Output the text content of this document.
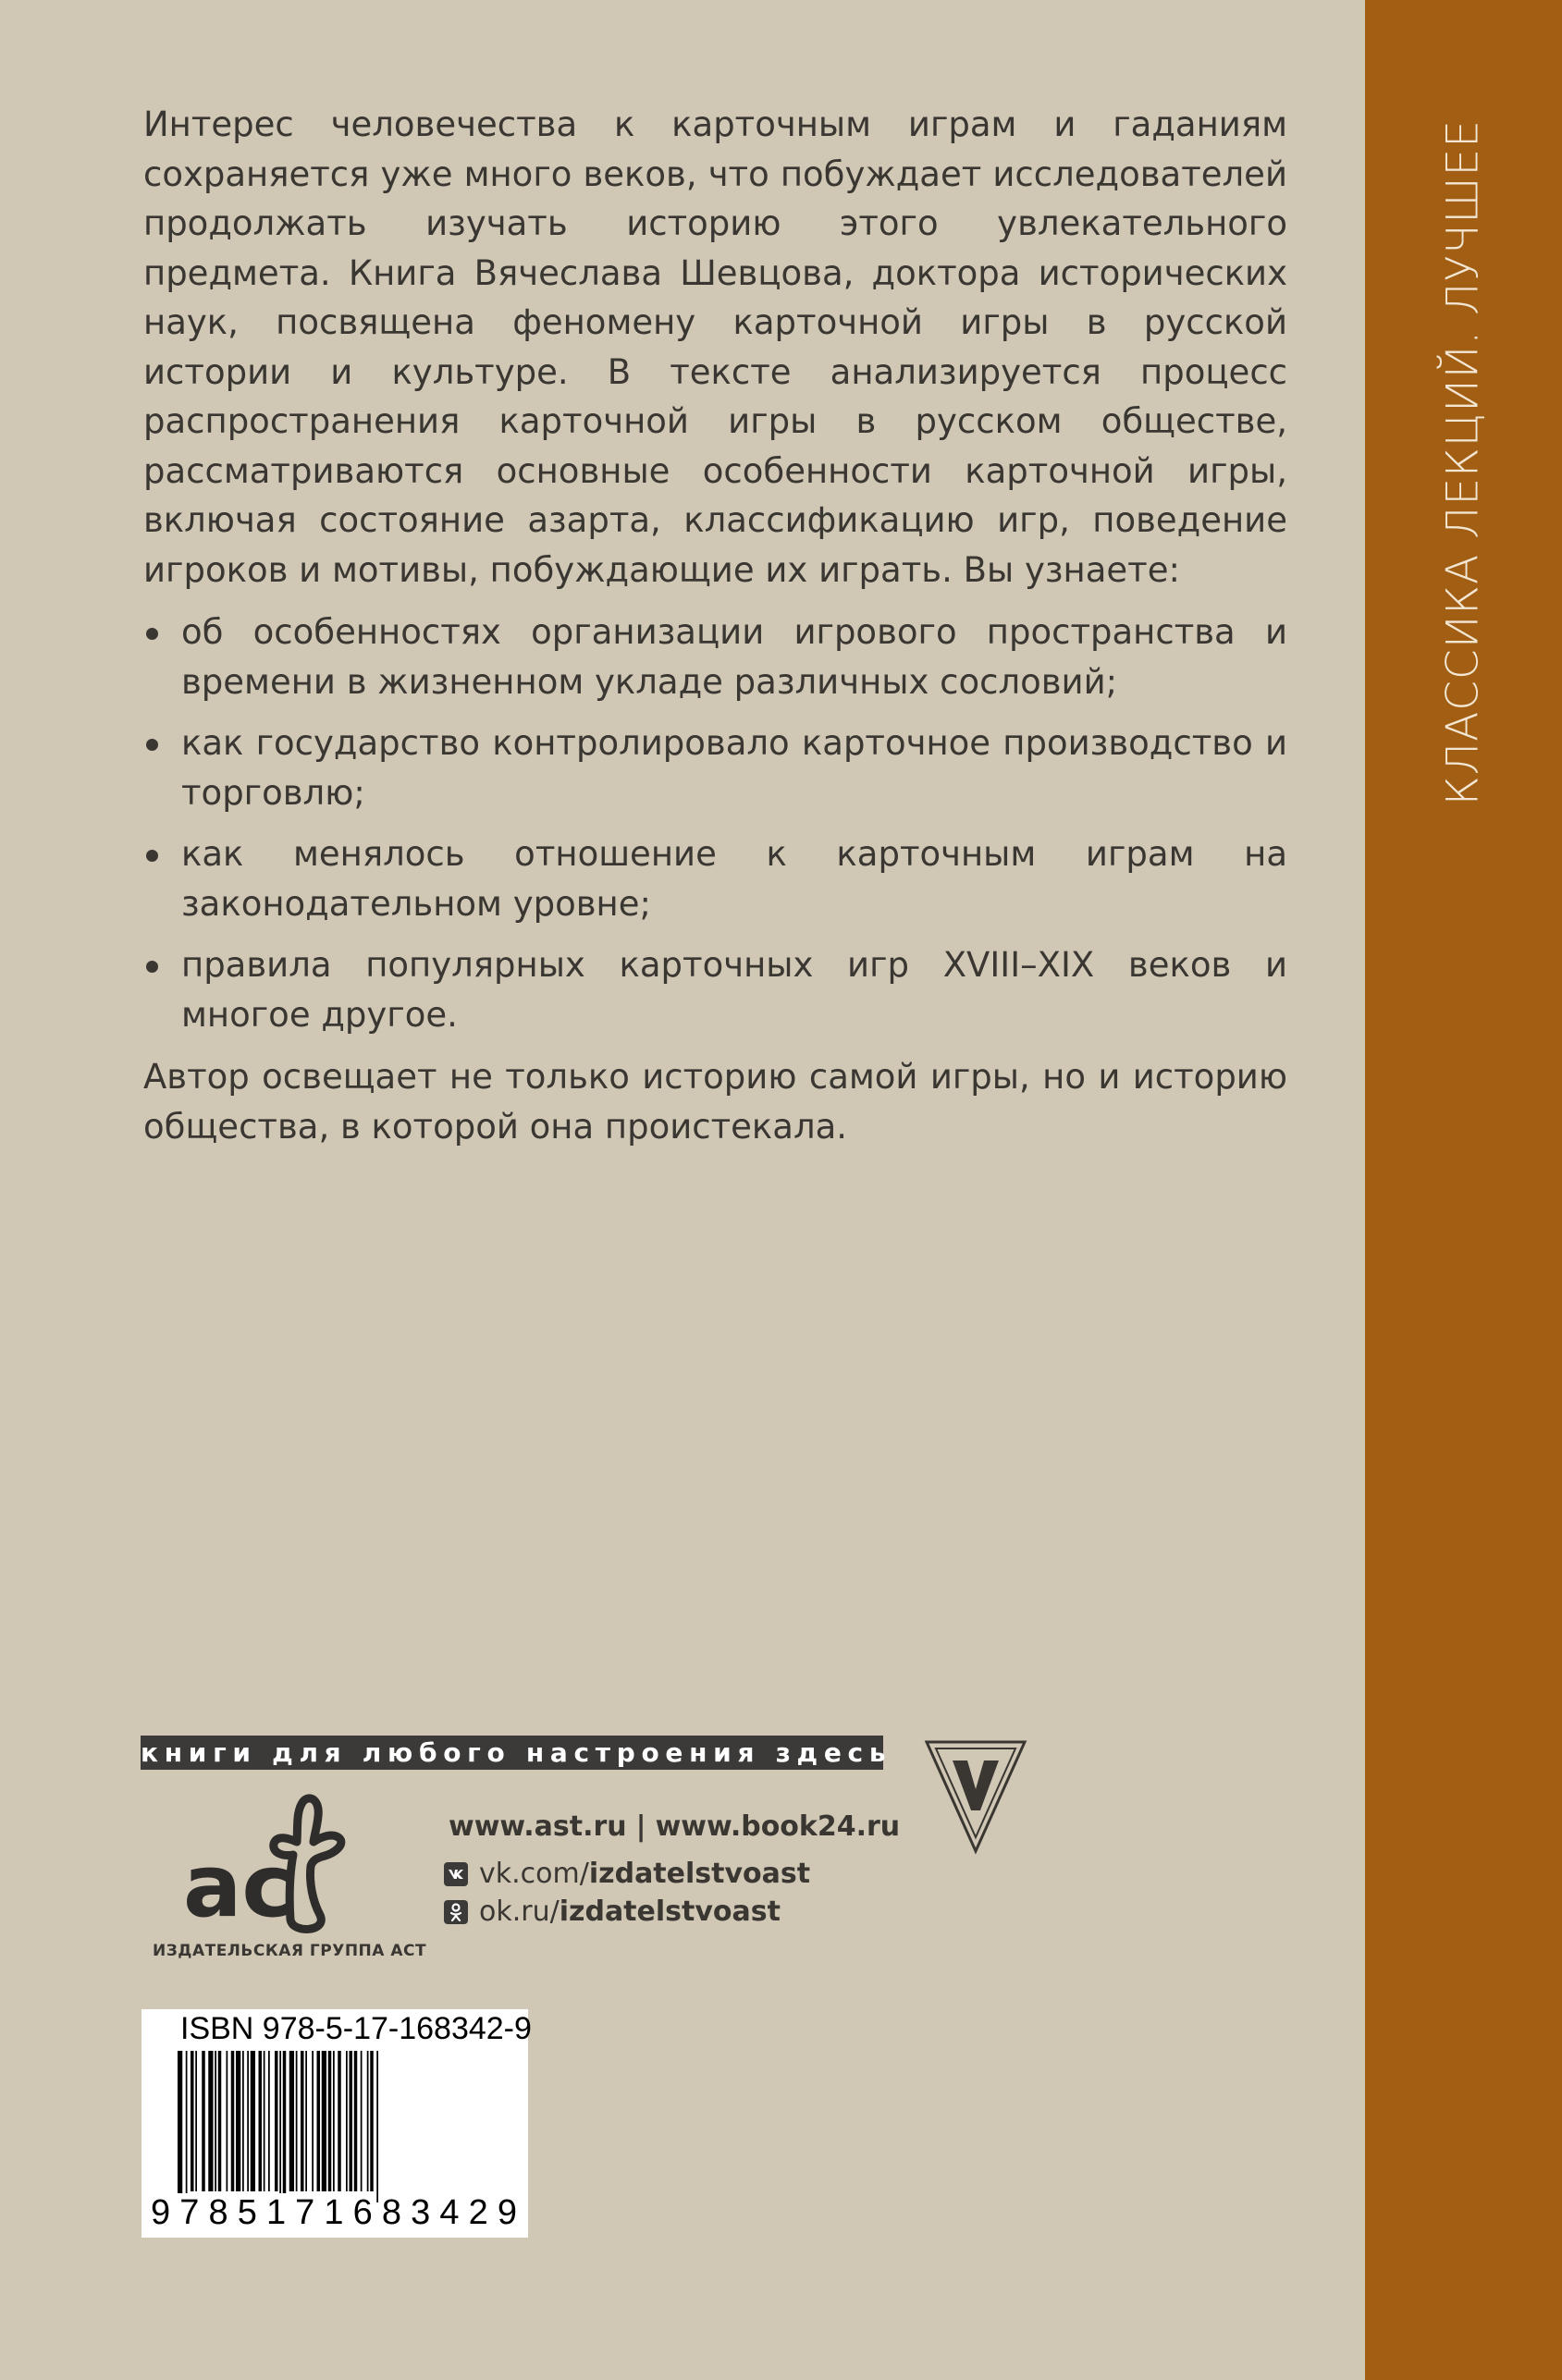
КЛАССИКА ЛЕКЦИЙ. ЛУЧШЕЕ

Интерес человечества к карточным играм и гаданиям сохраняется уже много веков, что побуждает исследователей продолжать изучать историю этого увлекательного предмета. Книга Вячеслава Шевцова, доктора исторических наук, посвящена феномену карточной игры в русской истории и культуре. В тексте анализируется процесс распространения карточной игры в русском обществе, рассматриваются основные особенности карточной игры, включая состояние азарта, классификацию игр, поведение игроков и мотивы, побуждающие их играть. Вы узнаете:

об особенностях организации игрового пространства и времени в жизненном укладе различных сословий;
как государство контролировало карточное производство и торговлю;
как менялось отношение к карточным играм на законодательном уровне;
правила популярных карточных игр XVIII–XIX веков и многое другое.

Автор освещает не только историю самой игры, но и историю общества, в которой она проистекала.

книги для любого настроения здесь
ас
ИЗДАТЕЛЬСКАЯ ГРУППА АСТ
www.ast.ru | www.book24.ru
vk.com/ izdatelstvoast
ok.ru/ izdatelstvoast
ISBN 978-5-17-168342-9
9 7 8 5 1 7 1 6 8 3 4 2 9
